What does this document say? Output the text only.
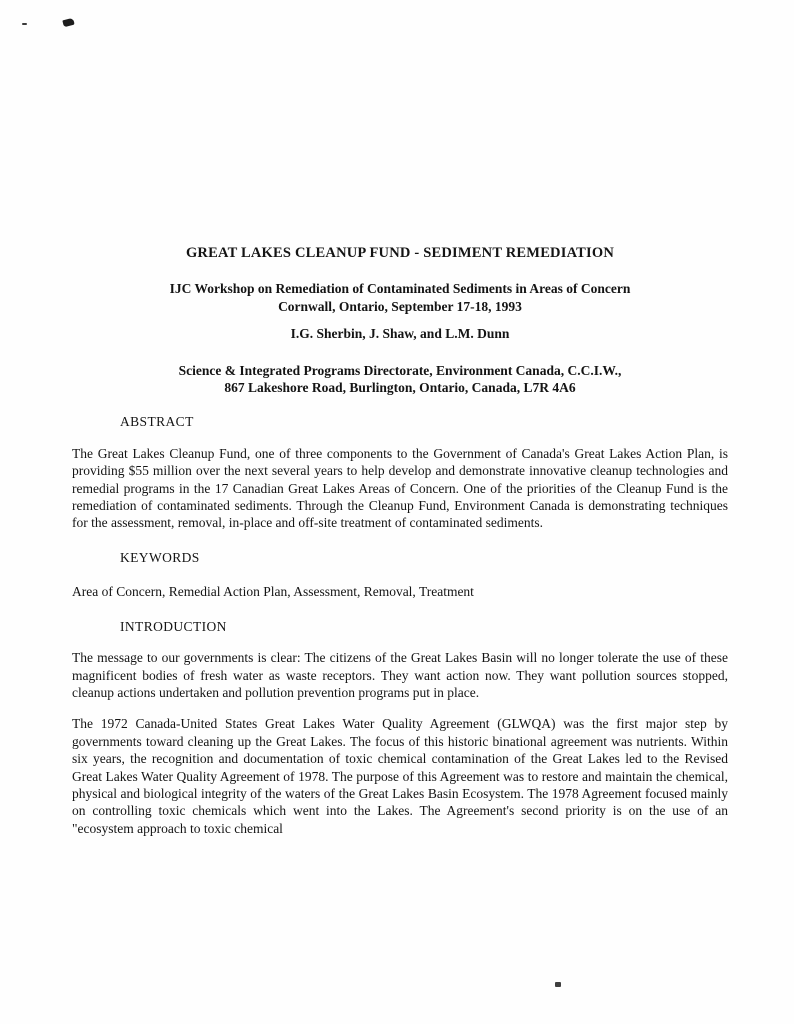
GREAT LAKES CLEANUP FUND - SEDIMENT REMEDIATION
IJC Workshop on Remediation of Contaminated Sediments in Areas of Concern
Cornwall, Ontario, September 17-18, 1993
I.G. Sherbin, J. Shaw, and L.M. Dunn
Science & Integrated Programs Directorate, Environment Canada, C.C.I.W.,
867 Lakeshore Road, Burlington, Ontario, Canada, L7R 4A6
ABSTRACT
The Great Lakes Cleanup Fund, one of three components to the Government of Canada's Great Lakes Action Plan, is providing $55 million over the next several years to help develop and demonstrate innovative cleanup technologies and remedial programs in the 17 Canadian Great Lakes Areas of Concern. One of the priorities of the Cleanup Fund is the remediation of contaminated sediments. Through the Cleanup Fund, Environment Canada is demonstrating techniques for the assessment, removal, in-place and off-site treatment of contaminated sediments.
KEYWORDS
Area of Concern, Remedial Action Plan, Assessment, Removal, Treatment
INTRODUCTION
The message to our governments is clear: The citizens of the Great Lakes Basin will no longer tolerate the use of these magnificent bodies of fresh water as waste receptors. They want action now. They want pollution sources stopped, cleanup actions undertaken and pollution prevention programs put in place.
The 1972 Canada-United States Great Lakes Water Quality Agreement (GLWQA) was the first major step by governments toward cleaning up the Great Lakes. The focus of this historic binational agreement was nutrients. Within six years, the recognition and documentation of toxic chemical contamination of the Great Lakes led to the Revised Great Lakes Water Quality Agreement of 1978. The purpose of this Agreement was to restore and maintain the chemical, physical and biological integrity of the waters of the Great Lakes Basin Ecosystem. The 1978 Agreement focused mainly on controlling toxic chemicals which went into the Lakes. The Agreement's second priority is on the use of an "ecosystem approach to toxic chemical
